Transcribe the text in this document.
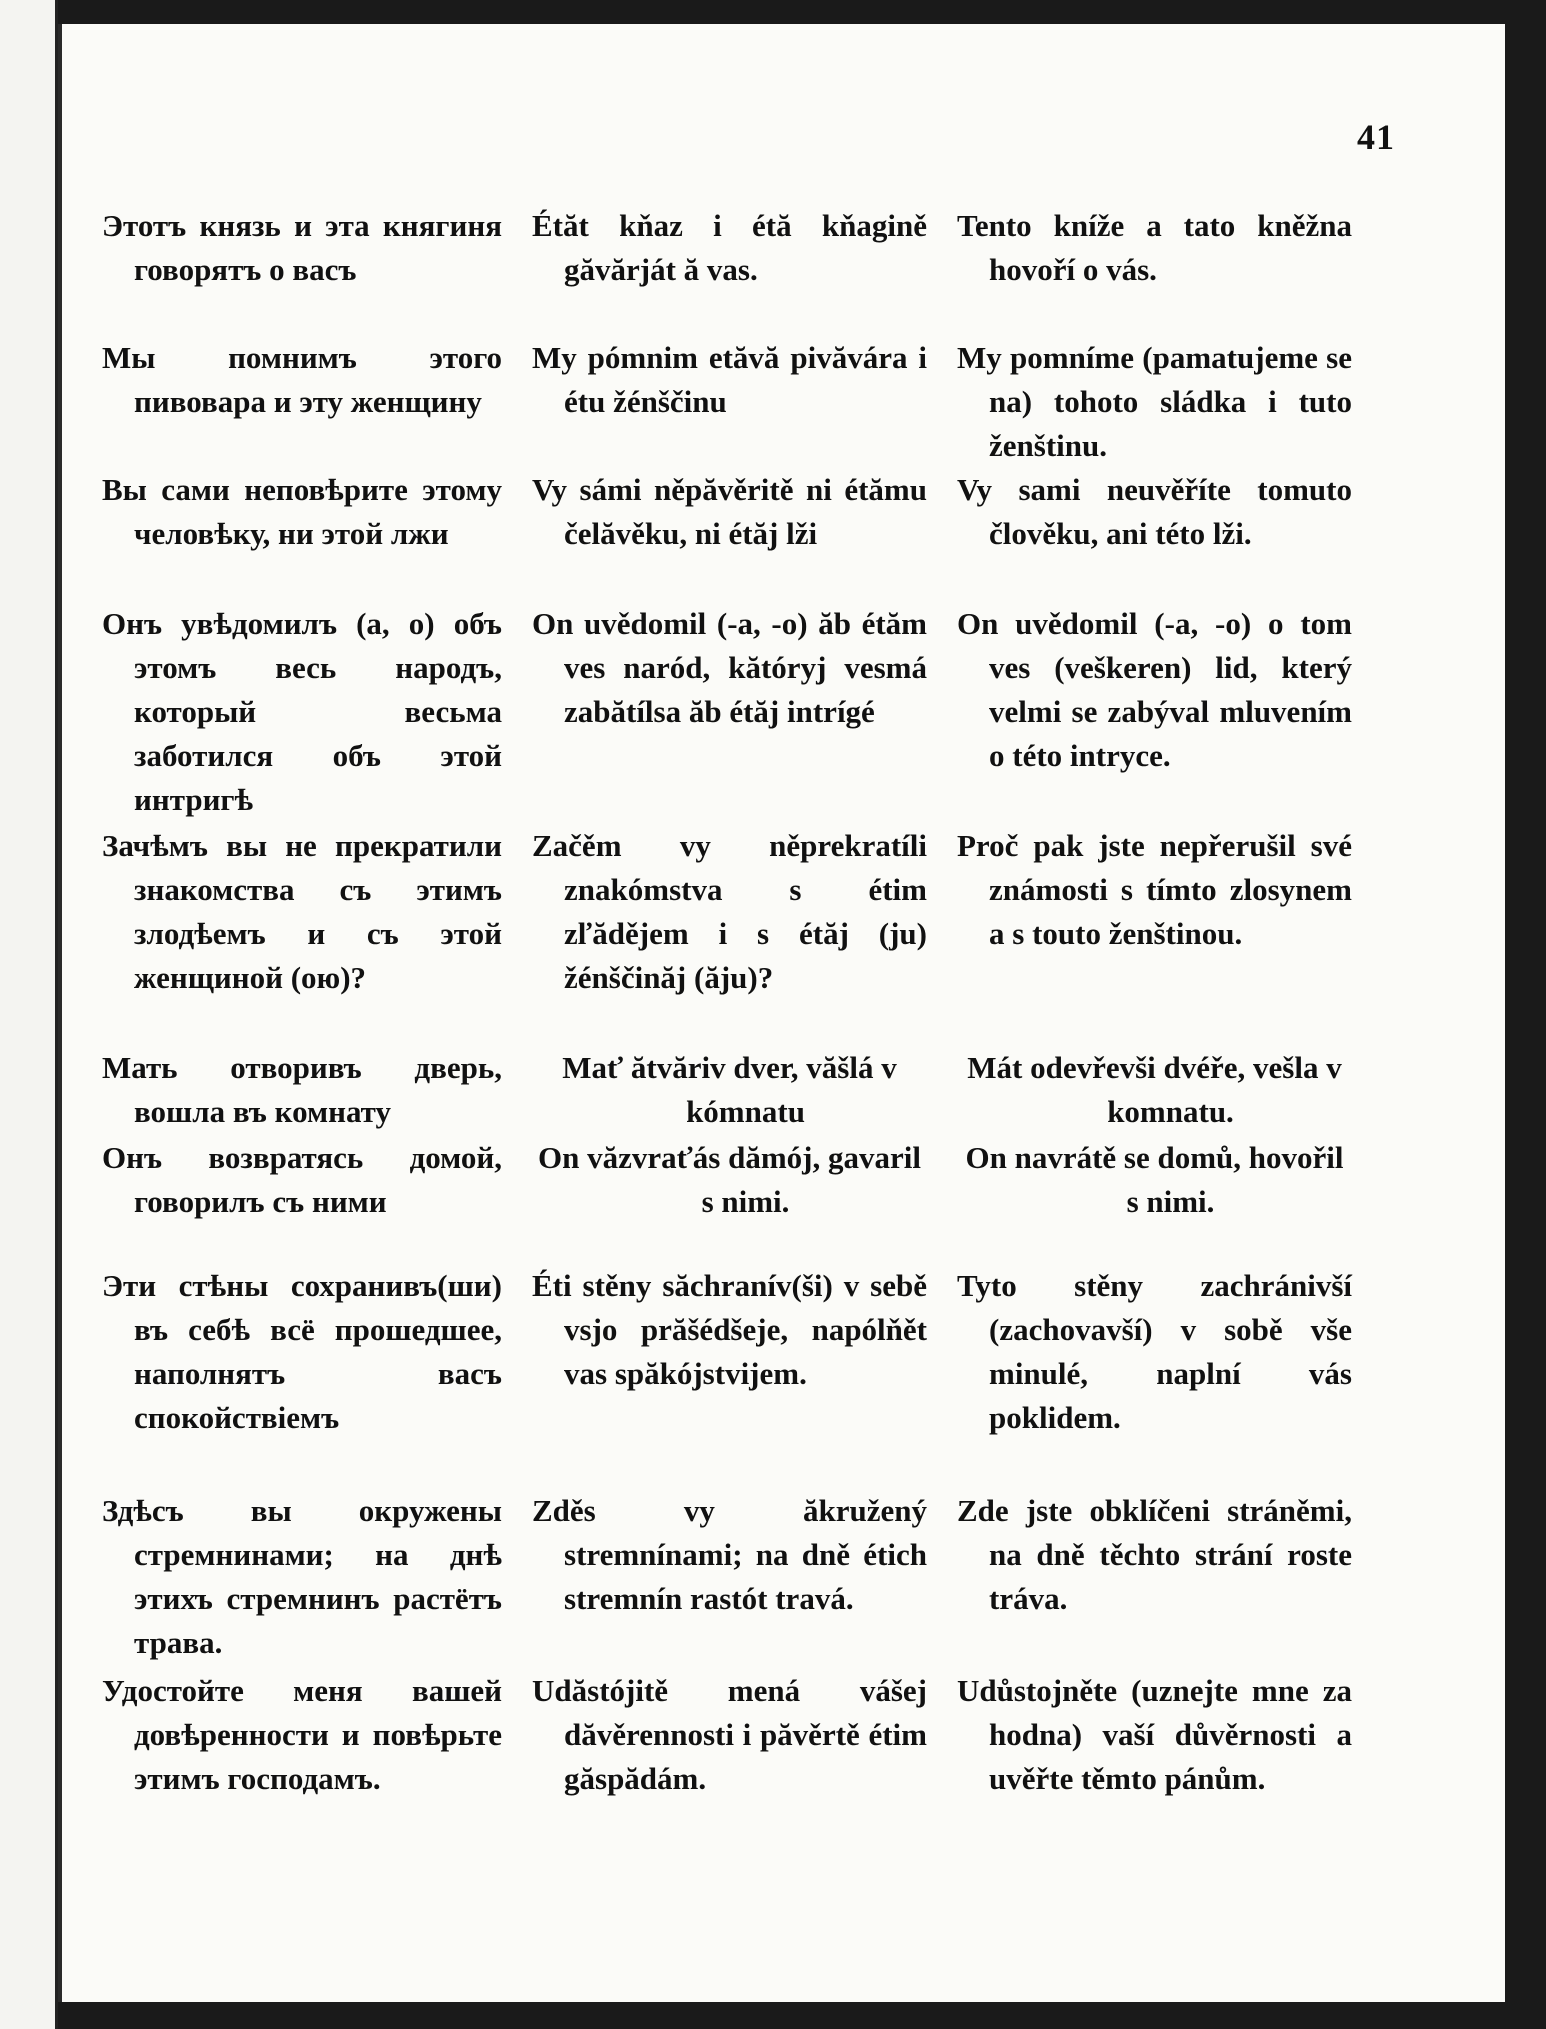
41
Этотъ князь и эта княгиня говорятъ о васъ
Мы помнимъ этого пивовара и эту женщину
Вы сами неповѣрите этому человѣку, ни этой лжи
Онъ увѣдомилъ (а, о) объ этомъ весь народъ, который весьма заботился объ этой интригѣ
Зачѣмъ вы не прекратили знакомства съ этимъ злодѣемъ и съ этой женщиной (ою)?
Мать отворивъ дверь, вошла въ комнату
Онъ возвратясь домой, говорилъ съ ними
Эти стѣны сохранивъ(ши) въ себѣ всё прошедшее, наполнятъ васъ спокойствіемъ
Здѣсъ вы окружены стремнинами; на днѣ этихъ стремнинъ растётъ трава.
Удостойте меня вашей довѣренности и повѣрьте этимъ господамъ.
Étăt kňaz i étă kňagině găvărját ă vas.
My pómnim etăvă pivăvára i étu žénščinu
Vy sámi něpăvěritě ni étămu čelăvěku, ni étăj lži
On uvědomil (-a, -o) ăb étăm ves naród, kătóryj vesmá zabătílsa ăb étăj intrígé
Začěm vy něprekratíli znakómstva s étim zľădějem i s étăj (ju) žénščinăj (ăju)?
Mať ătvăriv dver, văšlá v kómnatu
On văzvraťás dămój, gavaril s nimi.
Éti stěny săchranív(ši) v sebě vsjo prăšédšeje, napólňět vas spăkójstvijem.
Zděs vy ăkružený stremnínami; na dně étich stremnín rastót travá.
Udăstójitě mená vášej dăvěrennosti i păvěrtě étim găspădám.
Tento kníže a tato kněžna hovoří o vás.
My pomníme (pamatujeme se na) tohoto sládka i tuto ženštinu.
Vy sami neuvěříte tomuto člověku, ani této lži.
On uvědomil (-a, -o) o tom ves (veškeren) lid, který velmi se zabýval mluvením o této intryce.
Proč pak jste nepřerušil své známosti s tímto zlosynem a s touto ženštinou.
Mát odevřevši dvéře, vešla v komnatu.
On navrátě se domů, hovořil s nimi.
Tyto stěny zachránivší (zachovavší) v sobě vše minulé, naplní vás poklidem.
Zde jste obklíčeni stráněmi, na dně těchto strání roste tráva.
Udůstojněte (uznejte mne za hodna) vaší důvěrnosti a uvěřte těmto pánům.
